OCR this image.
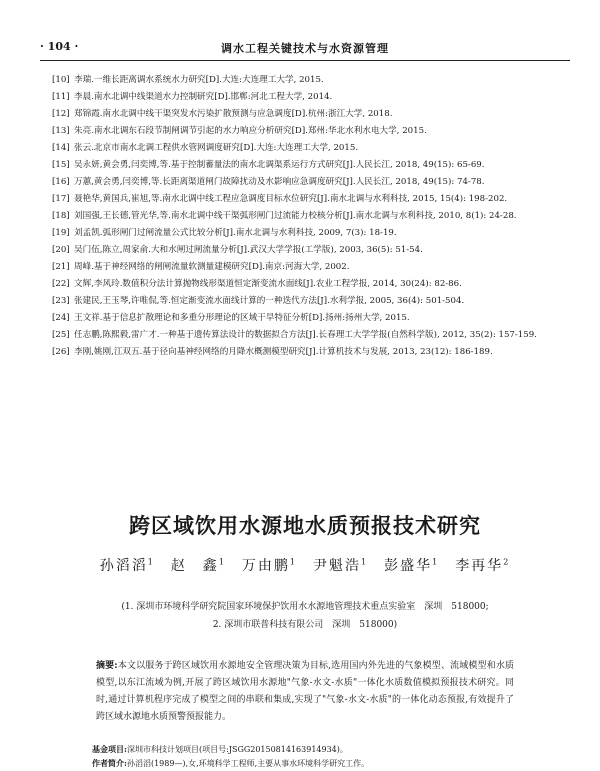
· 104 ·	调水工程关键技术与水资源管理
[10] 李瑞.一维长距离调水系统水力研究[D].大连:大连理工大学, 2015.
[11] 李晨.南水北调中线渠道水力控制研究[D].邯郸:河北工程大学, 2014.
[12] 郑锦霞.南水北调中线干渠突发水污染扩散预测与应急调度[D].杭州:浙江大学, 2018.
[13] 朱亮.南水北调东石段节制闸调节引起的水力响应分析研究[D].郑州:华北水利水电大学, 2015.
[14] 张云.北京市南水北调工程供水管网调度研究[D].大连:大连理工大学, 2015.
[15] 吴永妍,黄会勇,闫奕博,等.基于控制蓄量法的南水北调渠系运行方式研究[J].人民长江, 2018, 49(15): 65-69.
[16] 万蕙,黄会勇,闫奕博,等.长距离渠道闸门故障扰动及水影响应急调度研究[J].人民长江, 2018, 49(15): 74-78.
[17] 聂艳华,黄国兵,崔旭,等.南水北调中线工程应急调度目标水位研究[J].南水北调与水利科技, 2015, 15(4): 198-202.
[18] 刘国强,王长德,管光华,等.南水北调中线干渠弧形闸门过流能力校核分析[J].南水北调与水利科技, 2010, 8(1): 24-28.
[19] 刘孟凯.弧形闸门过闸流量公式比较分析[J].南水北调与水利科技, 2009, 7(3): 18-19.
[20] 吴门伍,陈立,周家俞.大和水闸过闸流量分析[J].武汉大学学报(工学版), 2003, 36(5): 51-54.
[21] 周峰.基于神经网络的闸闸流量软测量建模研究[D].南京:河海大学, 2002.
[22] 文辉,李风玲.数值积分法计算抛物线形渠道恒定渐变流水面线[J].农业工程学报, 2014, 30(24): 82-86.
[23] 张建民,王玉琴,许唯侃,等.恒定渐变流水面线计算的一种迭代方法[J].水利学报, 2005, 36(4): 501-504.
[24] 王文祥.基于信息扩散理论和多重分形理论的区域干旱特征分析[D].扬州:扬州大学, 2015.
[25] 任志鹏,陈熙毅,雷广才.一种基于遗传算法设计的数据拟合方法[J].长春理工大学学报(自然科学版), 2012, 35(2): 157-159.
[26] 李刚,姚刚,江双五.基于径向基神经网络的月降水概测模型研究[J].计算机技术与发展, 2013, 23(12): 186-189.
跨区域饮用水源地水质预报技术研究
孙滔滔$^1$ 赵　鑫$^1$ 万由鹏$^1$ 尹魁浩$^1$ 彭盛华$^1$ 李再华$^2$
(1. 深圳市环境科学研究院国家环境保护饮用水水源地管理技术重点实验室　深圳　518000;
2. 深圳市联普科技有限公司　深圳　518000)
摘要:本文以服务于跨区域饮用水源地安全管理决策为目标,选用国内外先进的气象模型、流域模型和水质模型,以东江流域为例,开展了跨区域饮用水源地"气象-水文-水质"一体化水质数值模拟预报技术研究。同时,通过计算机程序完成了模型之间的串联和集成,实现了"气象-水文-水质"的一体化动态预报,有效提升了跨区域水源地水质预警预报能力。
基金项目:深圳市科技计划项目(项目号:JSGG20150814163914934)。
作者简介:孙滔滔(1989—),女,环境科学工程师,主要从事水环境科学研究工作。
